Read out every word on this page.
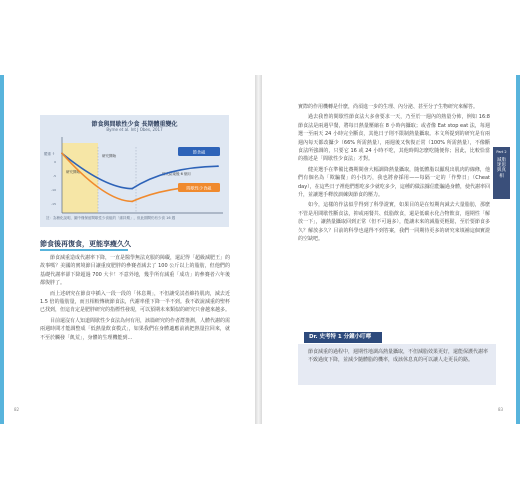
節食與間歇性少食 長期體重變化
Byrne et al. Int J Obes, 2017
體重 ↑
0
-5
-10
-15
研究開始
研究開始	研究結束後 6 個月
節食組
間歇性少食組
註：為簡化說明，圖中僅保留間歇性少食組的「維持期」，但此期間仍有少食 16 週
節食後再復食，更能享瘦久久

節食減重造成代謝率下降，一直是醫學無法克服的障礙，還記得「超級減肥王」的故事嗎？美國的實境節目讓重度肥胖的參賽者減去了 100 公斤以上的脂肪，但他們的基礎代謝率卻下降超過 700 大卡！不意外地，幾乎所有減重「成功」的參賽者六年後都復胖了。

而上述研究在節食中插入一段一段的「休息期」，不但讓受試者維持肌肉，減去近 1.5 倍的脂肪量，而且相較傳統節食法，代謝率僅下降一半不到。我不敢說減重的聖杯已找到，但這肯定是肥胖研究的指標性發現，可以預期未來類似的研究只會越來越多。

目前還沒有人知道間歇性少食法為何有用，該篇研究的作者群推測，人體代謝的需兩週時間才能調整成「低熱量飲食模式」，如果我們在身體適應前就把熱量拉回來，就不至於觸發「飢荒」，身體的生理機能到...

82

實際的作用機轉是什麼，尚須進一步的生理、內分泌、甚至分子生物研究來解答。

過去我曾的間歇性節食法大多會要求一天，乃至於一週內的熱量分佈，例如 16:8 節食法是兩週早餐，將每日熱量壓縮在 8 小時內攝取；或者像 Eat stop eat 法，每週選一至兩天 24 小時完全斷食，其他日子則不限制熱量攝取。本文所提到的研究是有兩週內每天都改攝少（66% 所需熱量），兩週後又恢復正常（100% 所需熱量），不像斷食法所強調的，只要它 16 或 24 小時不吃，其他時間怎麼吃隨便你；因此，比較恰當的描述是「間歇性少食法」才對。

健美選手在準備比賽期間會大幅調降熱量攝取，隨低體脂以顯現出肌肉的線條，他們有個名為「欺騙餐」的小技巧，我也將會採用——每隔一定的「作弊日」（Cheat day），在這些日子裡他們想吃多少就吃多少，這種的做法據信能騙過身體，使代謝率回升，並讓選手釋放訓練與節食的壓力。

如今，這樣的作法似乎得到了科學證實，如果目的是在短期內減去大量脂肪，那麼不管是用間歇性斷食法，抑或兩餐共、低脂飲食，還是低碳水化合物飲食，週期性「解放一下」，讓熱量攝取回到正常（但不可過多），能讓未來的減脂更輕鬆，至於要節食多久？解放多久？目前的科學也還得不到答案，我們一同期待更多的研究來填補這個實證的空缺吧。

節食減重的過程中，週期性地調高熱量攝取，不但減脂效果更好，還能保護代謝率不致過度下降，並減少隨體脂的機率，成該休息真的可以讓人走更長的路。
Dr. 史考特 1 分鐘小叮嚀
83
Part 2
減脂迷思與真相
